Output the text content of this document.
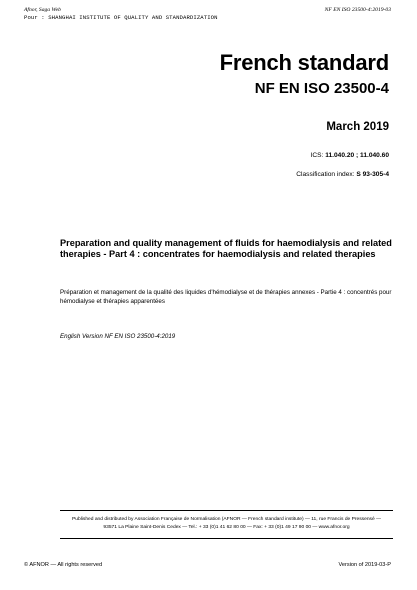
Afnor, Saga Web
Pour : SHANGHAI INSTITUTE OF QUALITY AND STANDARDIZATION
NF EN ISO 23500-4:2019-03
French standard
NF EN ISO 23500-4
March 2019
ICS: 11.040.20 ; 11.040.60
Classification index: S 93-305-4
Preparation and quality management of fluids for haemodialysis and related therapies - Part 4 : concentrates for haemodialysis and related therapies
Préparation et management de la qualité des liquides d'hémodialyse et de thérapies annexes - Partie 4 : concentrés pour hémodialyse et thérapies apparentées
English Version NF EN ISO 23500-4:2019
Published and distributed by Association Française de Normalisation (AFNOR — French standard institute) — 11, rue Francis de Pressensé —
93571 La Plaine Saint-Denis Cedex — Tel.: + 33 (0)1 41 62 80 00 — Fax: + 33 (0)1 49 17 90 00 — www.afnor.org
© AFNOR — All rights reserved	Version of 2019-03-P
